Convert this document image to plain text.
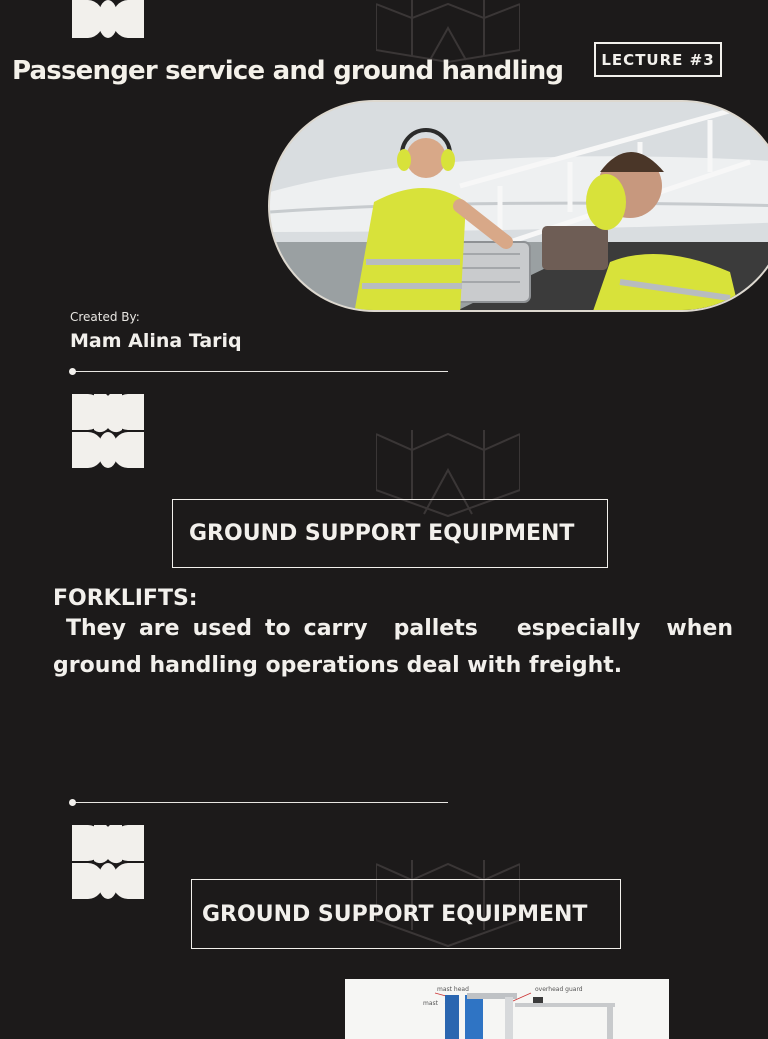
Passenger service and ground handling	LECTURE #3
Created By:
Mam Alina Tariq
GROUND SUPPORT EQUIPMENT
FORKLIFTS:
They are used to carry  pallets   especially  when   ground handling operations deal with freight.
GROUND SUPPORT EQUIPMENT
mast head	overhead guard
mast
